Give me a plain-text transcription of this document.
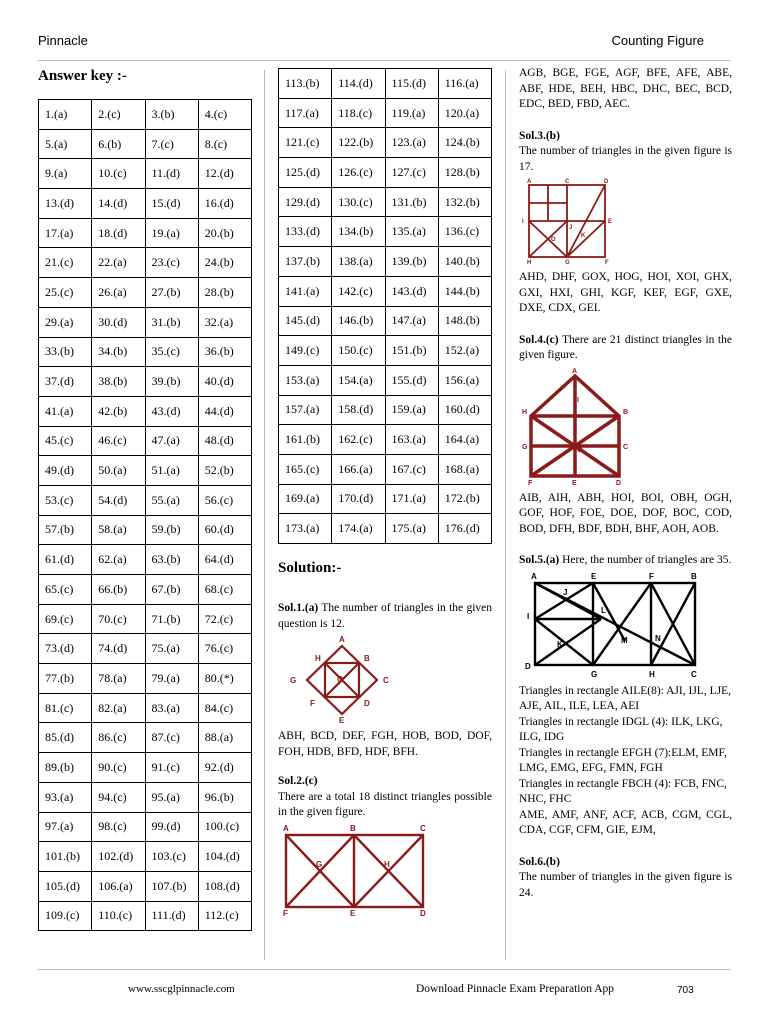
Pinnacle	Counting Figure
Answer key :-
1.(a)	2.(c)	3.(b)	4.(c)
5.(a)	6.(b)	7.(c)	8.(c)
9.(a)	10.(c)	11.(d)	12.(d)
13.(d)	14.(d)	15.(d)	16.(d)
17.(a)	18.(d)	19.(a)	20.(b)
21.(c)	22.(a)	23.(c)	24.(b)
25.(c)	26.(a)	27.(b)	28.(b)
29.(a)	30.(d)	31.(b)	32.(a)
33.(b)	34.(b)	35.(c)	36.(b)
37.(d)	38.(b)	39.(b)	40.(d)
41.(a)	42.(b)	43.(d)	44.(d)
45.(c)	46.(c)	47.(a)	48.(d)
49.(d)	50.(a)	51.(a)	52.(b)
53.(c)	54.(d)	55.(a)	56.(c)
57.(b)	58.(a)	59.(b)	60.(d)
61.(d)	62.(a)	63.(b)	64.(d)
65.(c)	66.(b)	67.(b)	68.(c)
69.(c)	70.(c)	71.(b)	72.(c)
73.(d)	74.(d)	75.(a)	76.(c)
77.(b)	78.(a)	79.(a)	80.(*)
81.(c)	82.(a)	83.(a)	84.(c)
85.(d)	86.(c)	87.(c)	88.(a)
89.(b)	90.(c)	91.(c)	92.(d)
93.(a)	94.(c)	95.(a)	96.(b)
97.(a)	98.(c)	99.(d)	100.(c)
101.(b)	102.(d)	103.(c)	104.(d)
105.(d)	106.(a)	107.(b)	108.(d)
109.(c)	110.(c)	111.(d)	112.(c)
113.(b)	114.(d)	115.(d)	116.(a)
117.(a)	118.(c)	119.(a)	120.(a)
121.(c)	122.(b)	123.(a)	124.(b)
125.(d)	126.(c)	127.(c)	128.(b)
129.(d)	130.(c)	131.(b)	132.(b)
133.(d)	134.(b)	135.(a)	136.(c)
137.(b)	138.(a)	139.(b)	140.(b)
141.(a)	142.(c)	143.(d)	144.(b)
145.(d)	146.(b)	147.(a)	148.(b)
149.(c)	150.(c)	151.(b)	152.(a)
153.(a)	154.(a)	155.(d)	156.(a)
157.(a)	158.(d)	159.(a)	160.(d)
161.(b)	162.(c)	163.(a)	164.(a)
165.(c)	166.(a)	167.(c)	168.(a)
169.(a)	170.(d)	171.(a)	172.(b)
173.(a)	174.(a)	175.(a)	176.(d)
Solution:-

Sol.1.(a) The number of triangles in the given question is 12.

A
B
C
D
E
F
G
H
O

ABH, BCD, DEF, FGH, HOB, BOD, DOF, FOH, HDB, BFD, HDF, BFH.

Sol.2.(c)

There are a total 18 distinct triangles possible in the given figure.

A	B	C
D
E
F
G	H

AGB, BGE, FGE, AGF, BFE, AFE, ABE, ABF, HDE, BEH, HBC, DHC, BEC, BCD, EDC, BED, FBD, AEC.

Sol.3.(b)

The number of triangles in the given figure is 17.

A	C	D
E
I
J
K
O
H	G	F

AHD, DHF, GOX, HOG, HOI, XOI, GHX, GXI, HXI, GHI, KGF, KEF, EGF, GXE, DXE, CDX, GEI.

Sol.4.(c) There are 21 distinct triangles in the given figure.

A
I
H	B
G	C
O
F	E	D

AIB, AIH, ABH, HOI, BOI, OBH, OGH, GOF, HOF, FOE, DOE, DOF, BOC, COD, BOD, DFH, BDF, BDH, BHF, AOH, AOB.

Sol.5.(a) Here, the number of triangles are 35.

A	E	F	B
J
I
L
K	M	N
D
G	H	C

Triangles in rectangle AILE(8): AJI, IJL, LJE, AJE, AIL, ILE, LEA, AEI

Triangles in rectangle IDGL (4): ILK, LKG, ILG, IDG

Triangles in rectangle EFGH (7):ELM, EMF, LMG, EMG, EFG, FMN, FGH

Triangles in rectangle FBCH (4): FCB, FNC, NHC, FHC

AME, AMF, ANF, ACF, ACB, CGM, CGL, CDA, CGF, CFM, GIE, EJM,

Sol.6.(b)

The number of triangles in the given figure is 24.

www.sscglpinnacle.com	Download Pinnacle Exam Preparation App	703
